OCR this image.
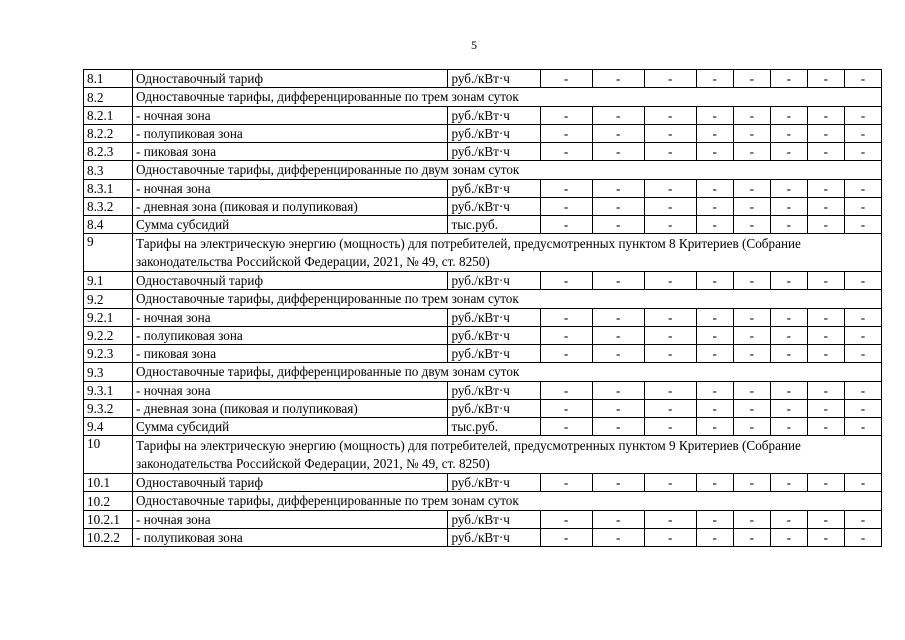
5
8.1	Одноставочный тариф	руб./кВт·ч	-	-	-	-	-	-	-	-
8.2	Одноставочные тарифы, дифференцированные по трем зонам суток									
8.2.1	- ночная зона	руб./кВт·ч	-	-	-	-	-	-	-	-
8.2.2	- полупиковая зона	руб./кВт·ч	-	-	-	-	-	-	-	-
8.2.3	- пиковая зона	руб./кВт·ч	-	-	-	-	-	-	-	-
8.3	Одноставочные тарифы, дифференцированные по двум зонам суток									
8.3.1	- ночная зона	руб./кВт·ч	-	-	-	-	-	-	-	-
8.3.2	- дневная зона (пиковая и полупиковая)	руб./кВт·ч	-	-	-	-	-	-	-	-
8.4	Сумма субсидий	тыс.руб.	-	-	-	-	-	-	-	-
9	Тарифы на электрическую энергию (мощность) для потребителей, предусмотренных пунктом 8 Критериев (Собрание законодательства Российской Федерации, 2021, № 49, ст. 8250)									
9.1	Одноставочный тариф	руб./кВт·ч	-	-	-	-	-	-	-	-
9.2	Одноставочные тарифы, дифференцированные по трем зонам суток									
9.2.1	- ночная зона	руб./кВт·ч	-	-	-	-	-	-	-	-
9.2.2	- полупиковая зона	руб./кВт·ч	-	-	-	-	-	-	-	-
9.2.3	- пиковая зона	руб./кВт·ч	-	-	-	-	-	-	-	-
9.3	Одноставочные тарифы, дифференцированные по двум зонам суток									
9.3.1	- ночная зона	руб./кВт·ч	-	-	-	-	-	-	-	-
9.3.2	- дневная зона (пиковая и полупиковая)	руб./кВт·ч	-	-	-	-	-	-	-	-
9.4	Сумма субсидий	тыс.руб.	-	-	-	-	-	-	-	-
10	Тарифы на электрическую энергию (мощность) для потребителей, предусмотренных пунктом 9 Критериев (Собрание законодательства Российской Федерации, 2021, № 49, ст. 8250)									
10.1	Одноставочный тариф	руб./кВт·ч	-	-	-	-	-	-	-	-
10.2	Одноставочные тарифы, дифференцированные по трем зонам суток									
10.2.1	- ночная зона	руб./кВт·ч	-	-	-	-	-	-	-	-
10.2.2	- полупиковая зона	руб./кВт·ч	-	-	-	-	-	-	-	-
